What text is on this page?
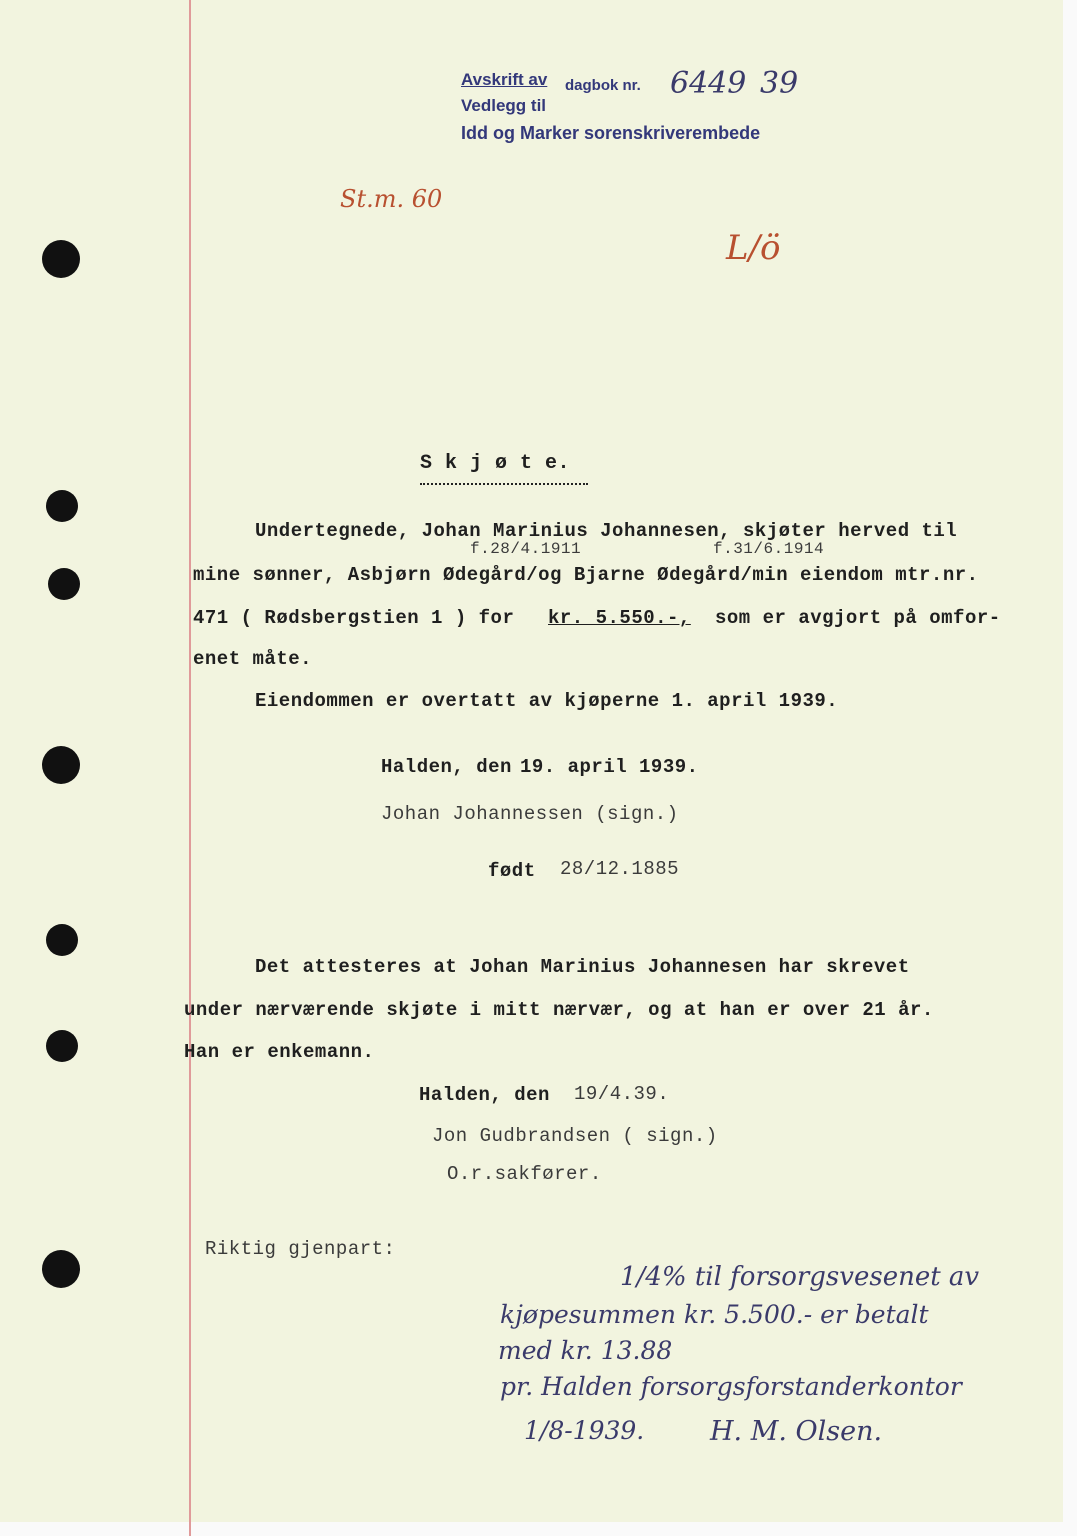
Avskrift av dagbok nr. 6449 39
Vedlegg til
Idd og Marker sorenskriverembede
St.m. 60
L/ö
S k j ø t e.
Undertegnede, Johan Marinius Johannesen, skjøter herved til
f.28/4.1911	f.31/6.1914
mine sønner, Asbjørn Ødegård/og Bjarne Ødegård/min eiendom mtr.nr.
471 ( Rødsbergstien 1 ) for kr. 5.550.-, som er avgjort på omfor-
enet måte.
Eiendommen er overtatt av kjøperne 1. april 1939.
Halden, den 19. april 1939.
Johan Johannessen (sign.)
født 28/12.1885
Det attesteres at Johan Marinius Johannesen har skrevet
under nærværende skjøte i mitt nærvær, og at han er over 21 år.
Han er enkemann.
Halden, den 19/4.39.
Jon Gudbrandsen ( sign.)
O.r.sakfører.
Riktig gjenpart:
1/4% til forsorgsvesenet av
kjøpesummen kr. 5.500.- er betalt
med kr. 13.88
pr. Halden forsorgsforstanderkontor
1/8-1939. H. M. Olsen.
